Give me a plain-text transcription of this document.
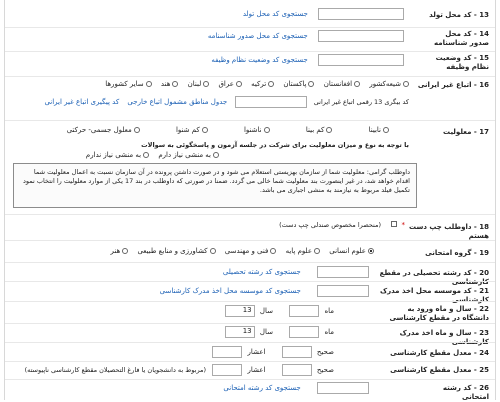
13 - کد محل تولد
جستجوی کد محل تولد
14 - کد محل صدور شناسنامه
جستجوی کد محل صدور شناسنامه
15 - کد وضعیت نظام وظیفه
جستجوی کد وضعیت نظام وظیفه
16 - اتباع غیر ایرانی
شیعه‌کشور

افغانستان

پاکستان

ترکیه

عراق

لبنان

هند

سایر کشورها
کد بیگری 13 رقمی اتباع غیر ایرانی  جدول مناطق مشمول اتباع خارجی کد پیگیری اتباع غیر ایرانی
17 - معلولیت
نابینا

کم بینا

ناشنوا

کم شنوا

معلول جسمی- حرکتی
با توجه به نوع و میزان معلولیت برای شرکت در جلسه آزمون و پاسخگوئی به سوالات
به منشی نیاز دارم

به منشی نیاز ندارم
داوطلب گرامی: معلولیت شما از سازمان بهزیستی استعلام می شود و در صورت داشتن پرونده در آن سازمان نسبت به اعمال معلولیت شما اقدام خواهد شد، در غیر اینصورت بند معلولیت شما خالی می گردد. ضمنا در صورتی که داوطلب در بند 17 یکی از موارد معلولیت را انتخاب نمود تکمیل فیلد مربوط به نیازمند به منشی اجباری می باشد.
18 - داوطلب چپ دست هستم
*  (منحصرا مخصوص صندلی چپ دست)
19 - گروه امتحانی
علوم انسانی

علوم پایه

فنی و مهندسی

کشاورزی و منابع طبیعی

هنر
20 - کد رشته تحصیلی در مقطع کارشناسی
جستجوی کد رشته تحصیلی
21 - کد موسسه محل اخذ مدرک کارشناسی
جستجوی کد موسسه محل اخذ مدرک کارشناسی
22 - سال و ماه ورود به دانشگاه در مقطع کارشناسی
ماه  سال 13
23 - سال و ماه اخذ مدرک کارشناسی
ماه  سال 13
24 - معدل مقطع کارشناسی
صحیح  اعشار
25 - معدل مقطع کارشناسی
صحیح  اعشار  (مربوط به دانشجویان یا فارغ التحصیلان مقطع کارشناسی ناپیوسته)
26 - کد رشته امتحانی
جستجوی کد رشته امتحانی
